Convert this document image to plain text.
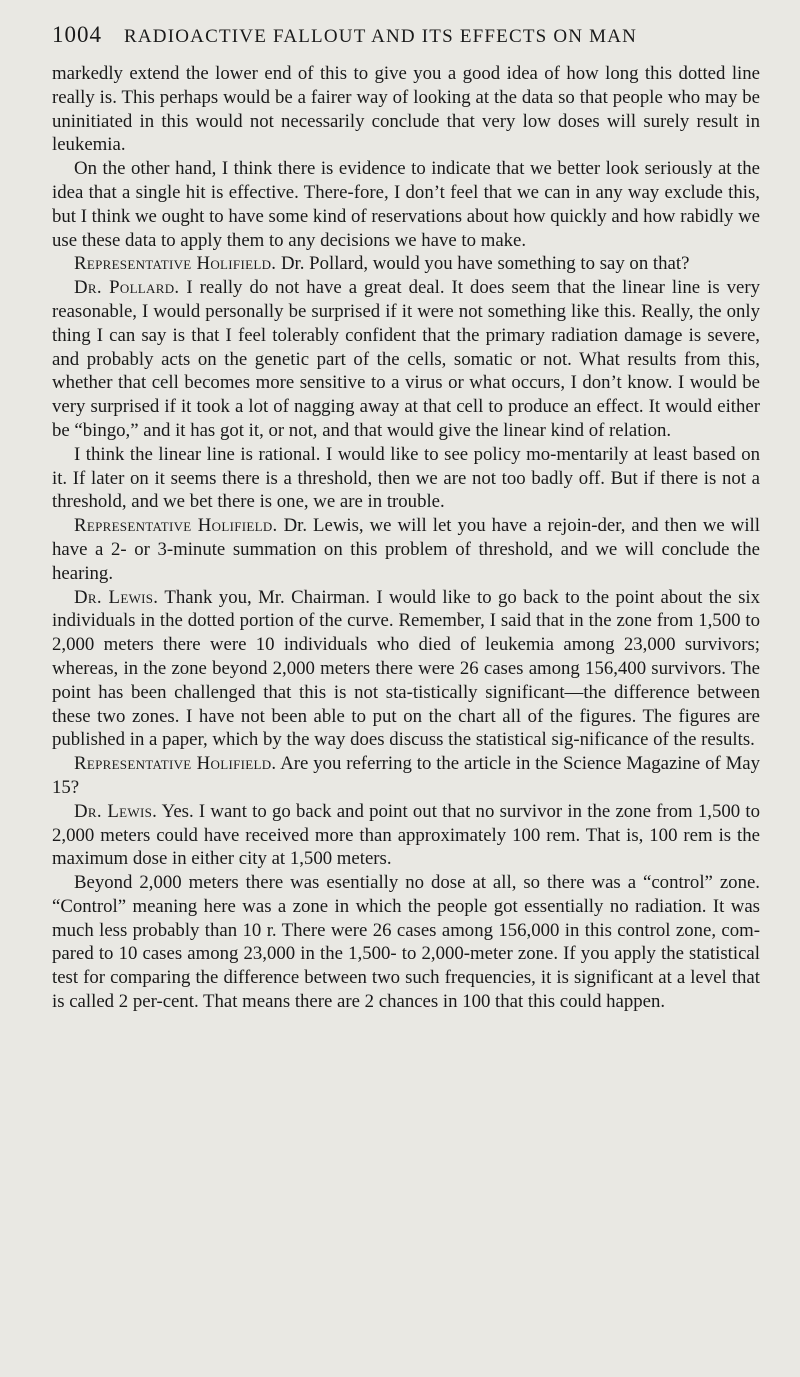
1004 RADIOACTIVE FALLOUT AND ITS EFFECTS ON MAN

markedly extend the lower end of this to give you a good idea of how long this dotted line really is. This perhaps would be a fairer way of looking at the data so that people who may be uninitiated in this would not necessarily conclude that very low doses will surely result in leukemia.

On the other hand, I think there is evidence to indicate that we better look seriously at the idea that a single hit is effective. There-fore, I don’t feel that we can in any way exclude this, but I think we ought to have some kind of reservations about how quickly and how rabidly we use these data to apply them to any decisions we have to make.

Representative Holifield. Dr. Pollard, would you have something to say on that?

Dr. Pollard. I really do not have a great deal. It does seem that the linear line is very reasonable, I would personally be surprised if it were not something like this. Really, the only thing I can say is that I feel tolerably confident that the primary radiation damage is severe, and probably acts on the genetic part of the cells, somatic or not. What results from this, whether that cell becomes more sensitive to a virus or what occurs, I don’t know. I would be very surprised if it took a lot of nagging away at that cell to produce an effect. It would either be “bingo,” and it has got it, or not, and that would give the linear kind of relation.

I think the linear line is rational. I would like to see policy mo-mentarily at least based on it. If later on it seems there is a threshold, then we are not too badly off. But if there is not a threshold, and we bet there is one, we are in trouble.

Representative Holifield. Dr. Lewis, we will let you have a rejoin-der, and then we will have a 2- or 3-minute summation on this problem of threshold, and we will conclude the hearing.

Dr. Lewis. Thank you, Mr. Chairman. I would like to go back to the point about the six individuals in the dotted portion of the curve. Remember, I said that in the zone from 1,500 to 2,000 meters there were 10 individuals who died of leukemia among 23,000 survivors; whereas, in the zone beyond 2,000 meters there were 26 cases among 156,400 survivors. The point has been challenged that this is not sta-tistically significant—the difference between these two zones. I have not been able to put on the chart all of the figures. The figures are published in a paper, which by the way does discuss the statistical sig-nificance of the results.

Representative Holifield. Are you referring to the article in the Science Magazine of May 15?

Dr. Lewis. Yes. I want to go back and point out that no survivor in the zone from 1,500 to 2,000 meters could have received more than approximately 100 rem. That is, 100 rem is the maximum dose in either city at 1,500 meters.

Beyond 2,000 meters there was esentially no dose at all, so there was a “control” zone. “Control” meaning here was a zone in which the people got essentially no radiation. It was much less probably than 10 r. There were 26 cases among 156,000 in this control zone, com-pared to 10 cases among 23,000 in the 1,500- to 2,000-meter zone. If you apply the statistical test for comparing the difference between two such frequencies, it is significant at a level that is called 2 per-cent. That means there are 2 chances in 100 that this could happen.
